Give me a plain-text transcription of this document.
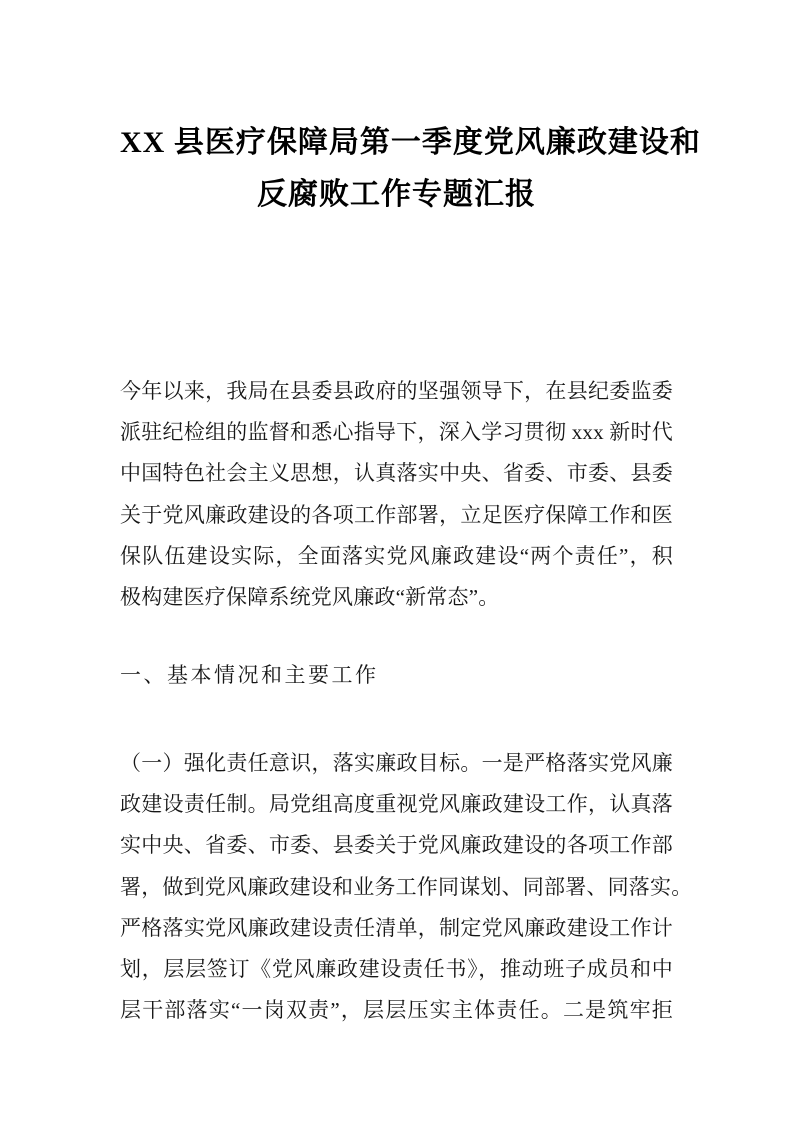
XX 县医疗保障局第一季度党风廉政建设和
反腐败工作专题汇报
今年以来，我局在县委县政府的坚强领导下，在县纪委监委
派驻纪检组的监督和悉心指导下，深入学习贯彻 xxx 新时代
中国特色社会主义思想，认真落实中央、省委、市委、县委
关于党风廉政建设的各项工作部署，立足医疗保障工作和医
保队伍建设实际，全面落实党风廉政建设“两个责任”，积
极构建医疗保障系统党风廉政“新常态”。
一、基本情况和主要工作
（一）强化责任意识，落实廉政目标。一是严格落实党风廉
政建设责任制。局党组高度重视党风廉政建设工作，认真落
实中央、省委、市委、县委关于党风廉政建设的各项工作部
署，做到党风廉政建设和业务工作同谋划、同部署、同落实。
严格落实党风廉政建设责任清单，制定党风廉政建设工作计
划，层层签订《党风廉政建设责任书》，推动班子成员和中
层干部落实“一岗双责”，层层压实主体责任。二是筑牢拒
